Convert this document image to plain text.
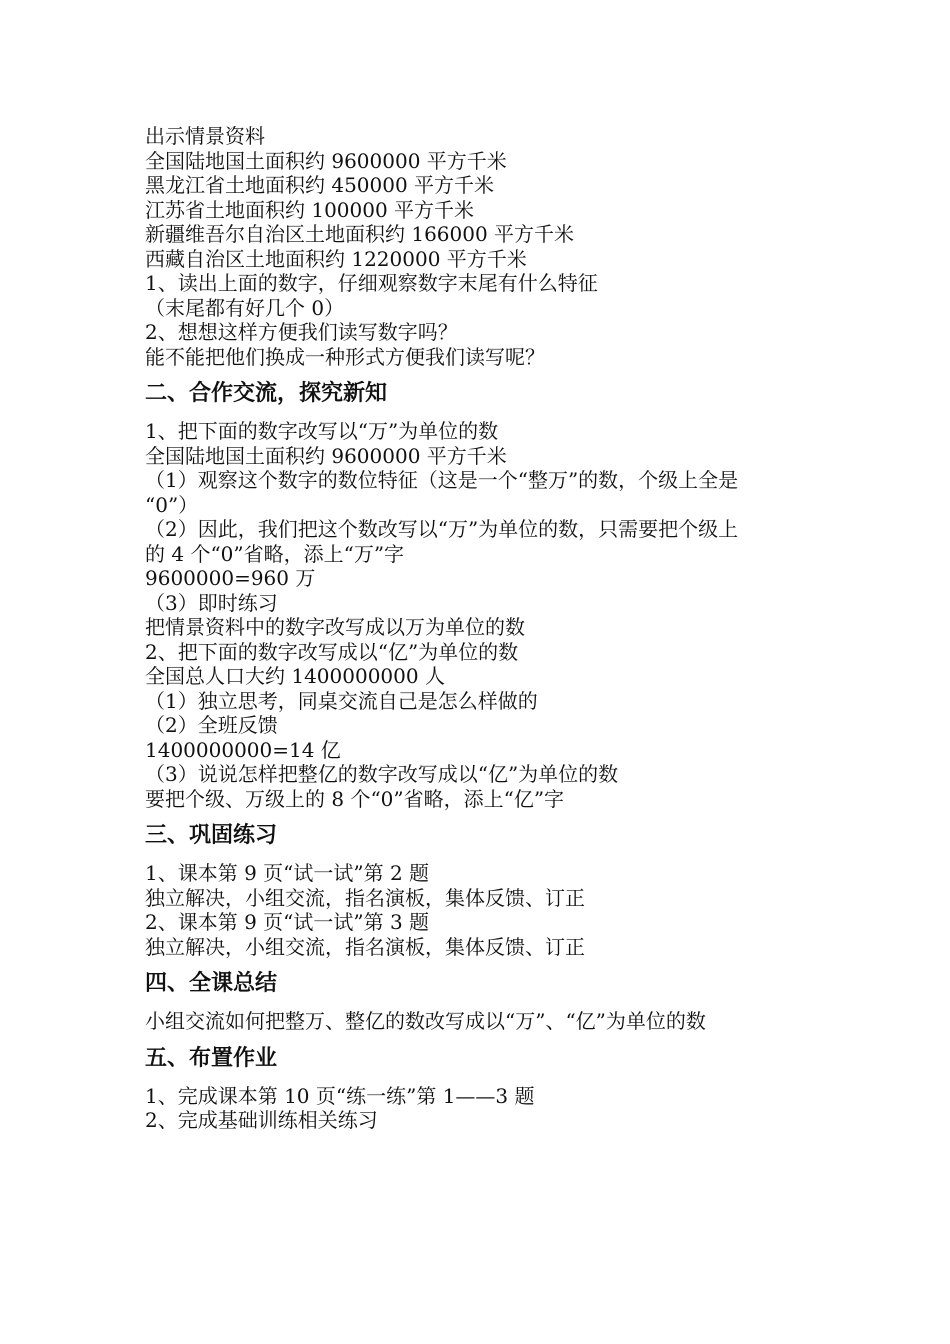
出示情景资料
全国陆地国土面积约 9600000 平方千米
黑龙江省土地面积约 450000 平方千米
江苏省土地面积约 100000 平方千米
新疆维吾尔自治区土地面积约 166000 平方千米
西藏自治区土地面积约 1220000 平方千米
1、读出上面的数字，仔细观察数字末尾有什么特征
（末尾都有好几个 0）
2、想想这样方便我们读写数字吗？
能不能把他们换成一种形式方便我们读写呢？
二、合作交流，探究新知
1、把下面的数字改写以“万”为单位的数
全国陆地国土面积约 9600000 平方千米
（1）观察这个数字的数位特征（这是一个“整万”的数，个级上全是
“0”）
（2）因此，我们把这个数改写以“万”为单位的数，只需要把个级上
的 4 个“0”省略，添上“万”字
9600000=960 万
（3）即时练习
把情景资料中的数字改写成以万为单位的数
2、把下面的数字改写成以“亿”为单位的数
全国总人口大约 1400000000 人
（1）独立思考，同桌交流自己是怎么样做的
（2）全班反馈
1400000000=14 亿
（3）说说怎样把整亿的数字改写成以“亿”为单位的数
要把个级、万级上的 8 个“0”省略，添上“亿”字
三、巩固练习
1、课本第 9 页“试一试”第 2 题
独立解决，小组交流，指名演板，集体反馈、订正
2、课本第 9 页“试一试”第 3 题
独立解决，小组交流，指名演板，集体反馈、订正
四、全课总结
小组交流如何把整万、整亿的数改写成以“万”、“亿”为单位的数
五、布置作业
1、完成课本第 10 页“练一练”第 1——3 题
2、完成基础训练相关练习
